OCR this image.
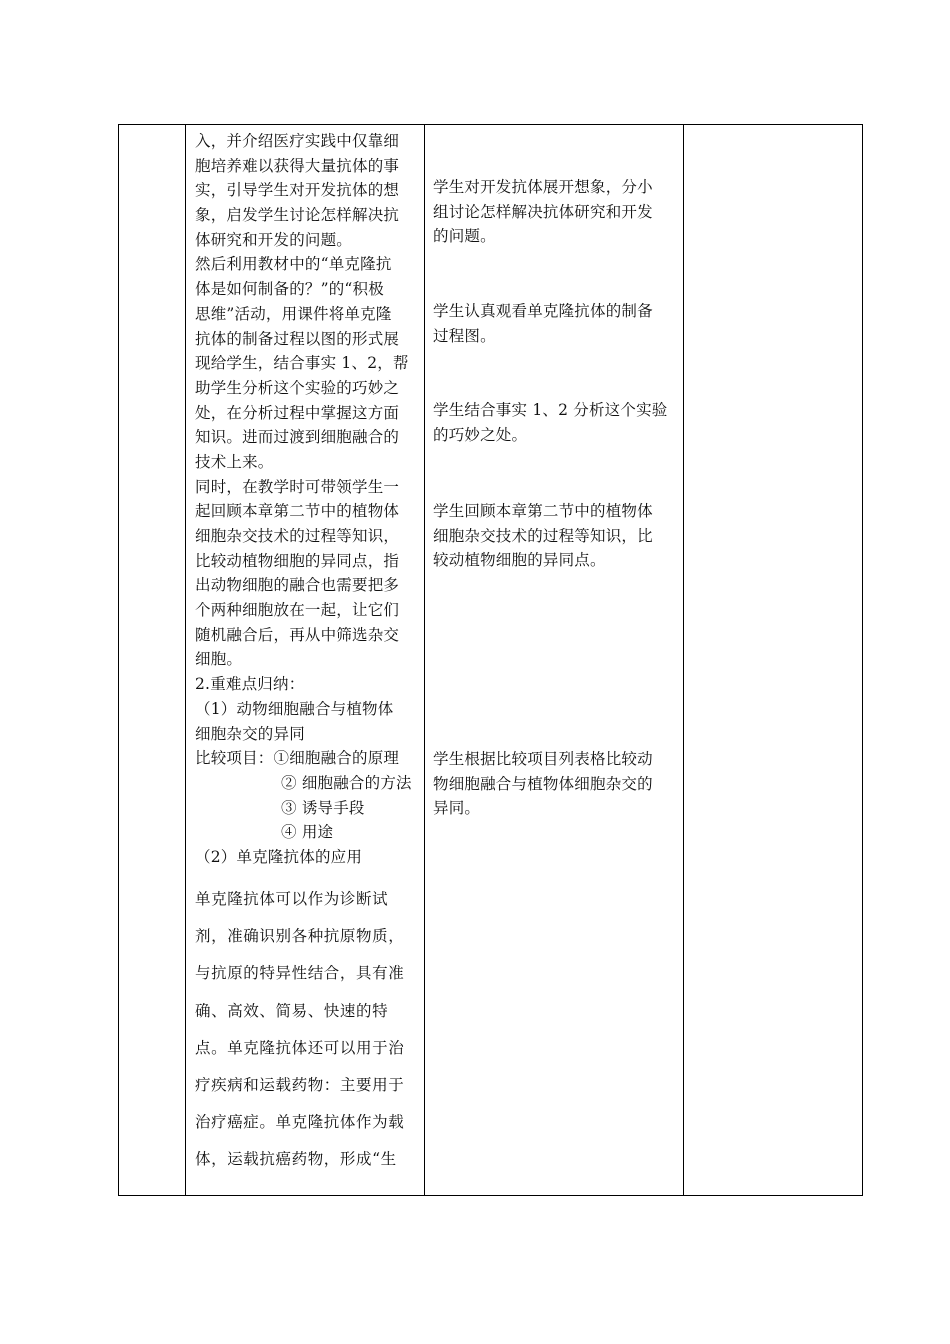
入，并介绍医疗实践中仅靠细
胞培养难以获得大量抗体的事
实，引导学生对开发抗体的想
象，启发学生讨论怎样解决抗
体研究和开发的问题。
然后利用教材中的“单克隆抗
体是如何制备的？”的“积极
思维”活动，用课件将单克隆
抗体的制备过程以图的形式展
现给学生，结合事实 1、2，帮
助学生分析这个实验的巧妙之
处，在分析过程中掌握这方面
知识。进而过渡到细胞融合的
技术上来。
同时，在教学时可带领学生一
起回顾本章第二节中的植物体
细胞杂交技术的过程等知识，
比较动植物细胞的异同点，指
出动物细胞的融合也需要把多
个两种细胞放在一起，让它们
随机融合后，再从中筛选杂交
细胞。
2.重难点归纳：
（1）动物细胞融合与植物体
细胞杂交的异同
比较项目：①细胞融合的原理
② 细胞融合的方法
③ 诱导手段
④ 用途
（2）单克隆抗体的应用
单克隆抗体可以作为诊断试
剂，准确识别各种抗原物质，
与抗原的特异性结合，具有准
确、高效、简易、快速的特
点。单克隆抗体还可以用于治
疗疾病和运载药物：主要用于
治疗癌症。单克隆抗体作为载
体，运载抗癌药物，形成“生
学生对开发抗体展开想象，分小
组讨论怎样解决抗体研究和开发
的问题。
学生认真观看单克隆抗体的制备
过程图。
学生结合事实 1、2 分析这个实验
的巧妙之处。
学生回顾本章第二节中的植物体
细胞杂交技术的过程等知识，比
较动植物细胞的异同点。
学生根据比较项目列表格比较动
物细胞融合与植物体细胞杂交的
异同。
